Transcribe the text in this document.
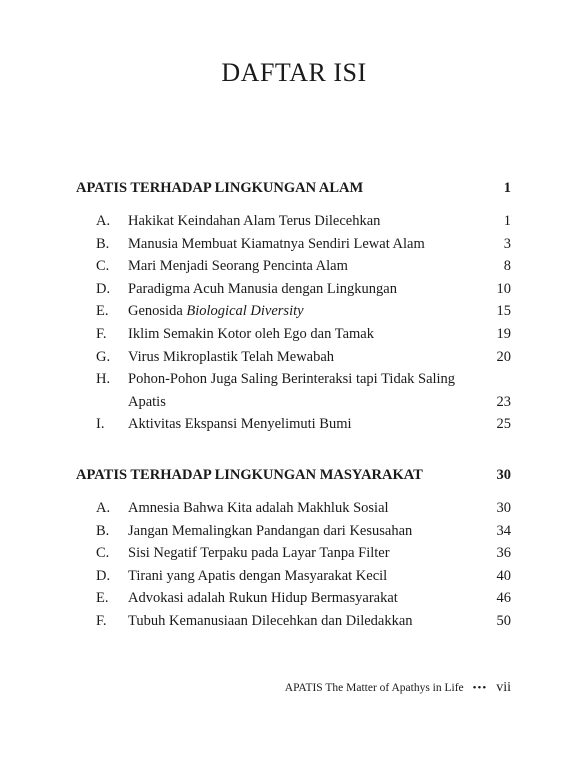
DAFTAR ISI
APATIS TERHADAP LINGKUNGAN ALAM	1
A.	Hakikat Keindahan Alam Terus Dilecehkan	1
B.	Manusia Membuat Kiamatnya Sendiri Lewat Alam	3
C.	Mari Menjadi Seorang Pencinta Alam	8
D.	Paradigma Acuh Manusia dengan Lingkungan	10
E.	Genosida Biological Diversity	15
F.	Iklim Semakin Kotor oleh Ego dan Tamak	19
G.	Virus Mikroplastik Telah Mewabah	20
H.	Pohon-Pohon Juga Saling Berinteraksi tapi Tidak Saling Apatis	23
I.	Aktivitas Ekspansi Menyelimuti Bumi	25
APATIS TERHADAP LINGKUNGAN MASYARAKAT	30
A.	Amnesia Bahwa Kita adalah Makhluk Sosial	30
B.	Jangan Memalingkan Pandangan dari Kesusahan	34
C.	Sisi Negatif Terpaku pada Layar Tanpa Filter	36
D.	Tirani yang Apatis dengan Masyarakat Kecil	40
E.	Advokasi adalah Rukun Hidup Bermasyarakat	46
F.	Tubuh Kemanusiaan Dilecehkan dan Diledakkan	50
APATIS The Matter of Apathys in Life ••• vii
